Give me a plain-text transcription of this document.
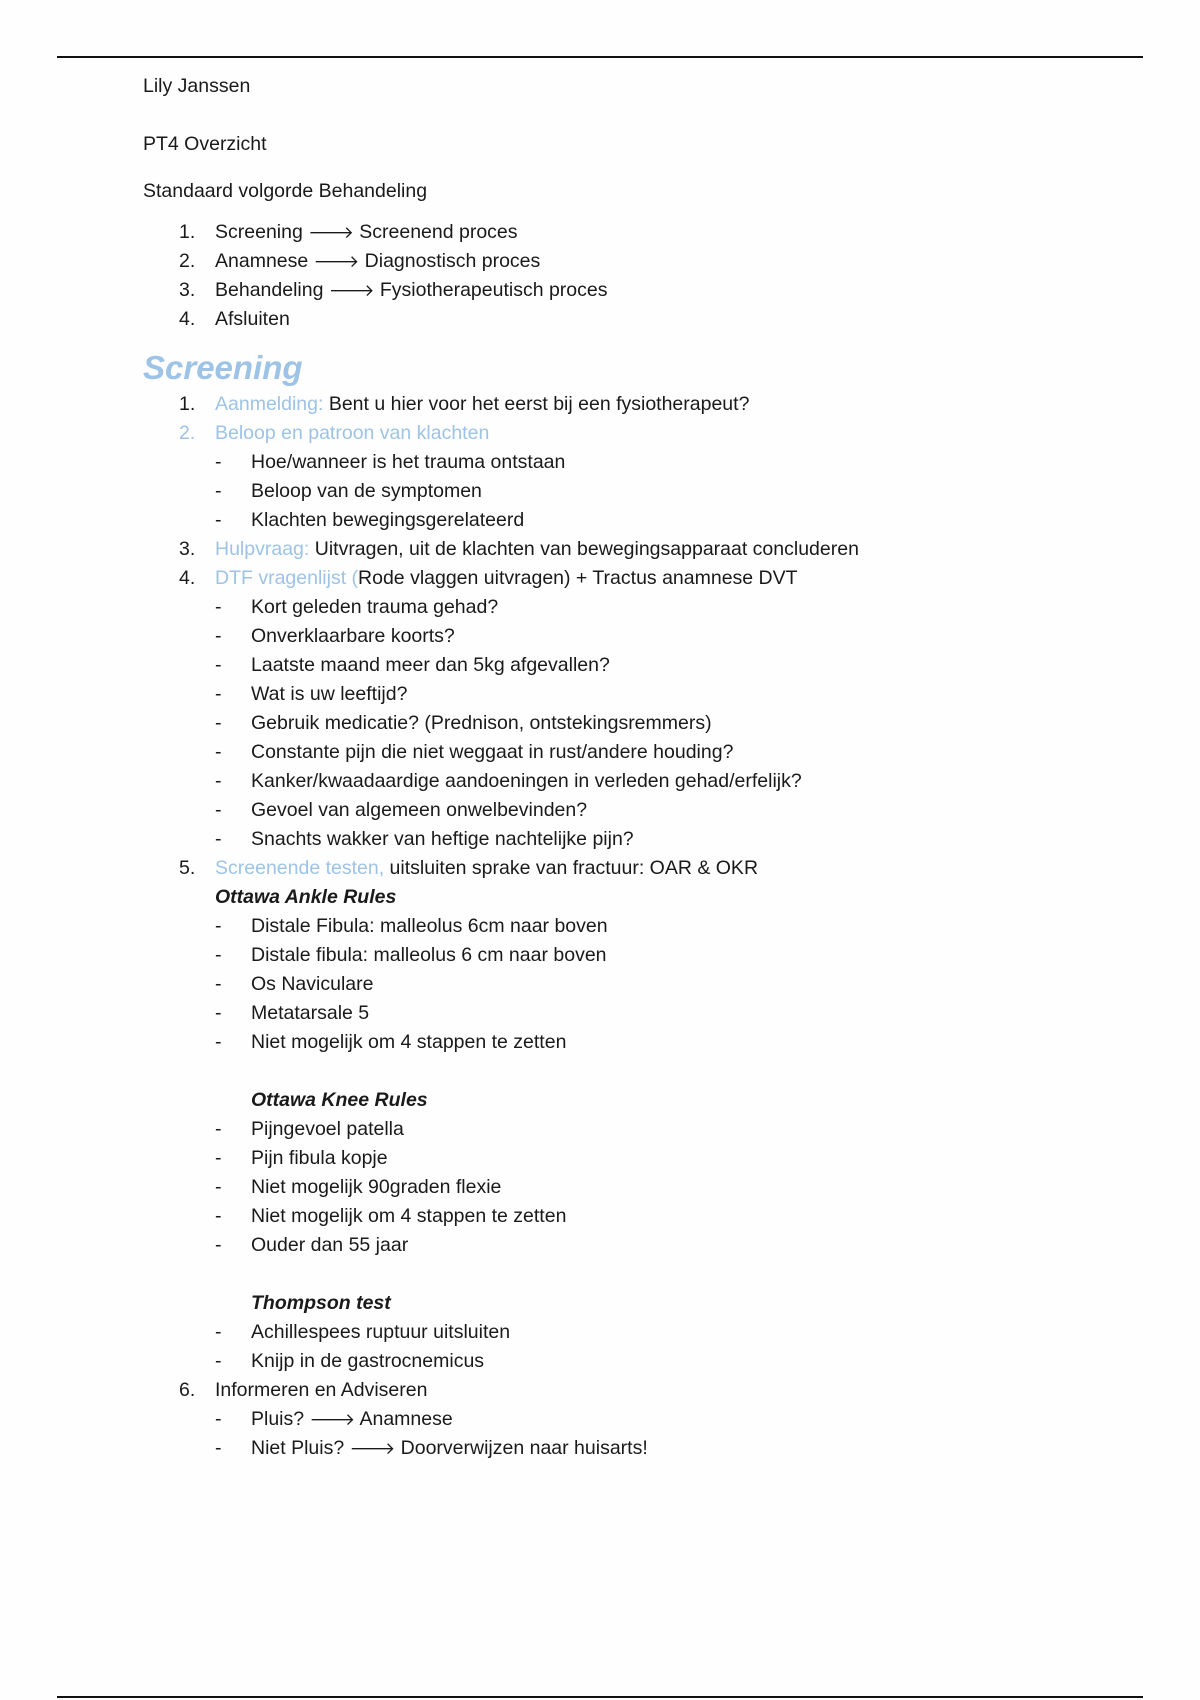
Lily Janssen
PT4 Overzicht
Standaard volgorde Behandeling
1. Screening 🡒 Screenend proces
2. Anamnese 🡒 Diagnostisch proces
3. Behandeling 🡒 Fysiotherapeutisch proces
4. Afsluiten
Screening
1. Aanmelding: Bent u hier voor het eerst bij een fysiotherapeut?
2. Beloop en patroon van klachten
- Hoe/wanneer is het trauma ontstaan
- Beloop van de symptomen
- Klachten bewegingsgerelateerd
3. Hulpvraag: Uitvragen, uit de klachten van bewegingsapparaat concluderen
4. DTF vragenlijst (Rode vlaggen uitvragen) + Tractus anamnese DVT
- Kort geleden trauma gehad?
- Onverklaarbare koorts?
- Laatste maand meer dan 5kg afgevallen?
- Wat is uw leeftijd?
- Gebruik medicatie? (Prednison, ontstekingsremmers)
- Constante pijn die niet weggaat in rust/andere houding?
- Kanker/kwaadaardige aandoeningen in verleden gehad/erfelijk?
- Gevoel van algemeen onwelbevinden?
- Snachts wakker van heftige nachtelijke pijn?
5. Screenende testen, uitsluiten sprake van fractuur: OAR & OKR
Ottawa Ankle Rules
- Distale Fibula: malleolus 6cm naar boven
- Distale fibula: malleolus 6 cm naar boven
- Os Naviculare
- Metatarsale 5
- Niet mogelijk om 4 stappen te zetten
Ottawa Knee Rules
- Pijngevoel patella
- Pijn fibula kopje
- Niet mogelijk 90graden flexie
- Niet mogelijk om 4 stappen te zetten
- Ouder dan 55 jaar
Thompson test
- Achillespees ruptuur uitsluiten
- Knijp in de gastrocnemicus
6. Informeren en Adviseren
- Pluis? 🡒 Anamnese
- Niet Pluis? 🡒 Doorverwijzen naar huisarts!
